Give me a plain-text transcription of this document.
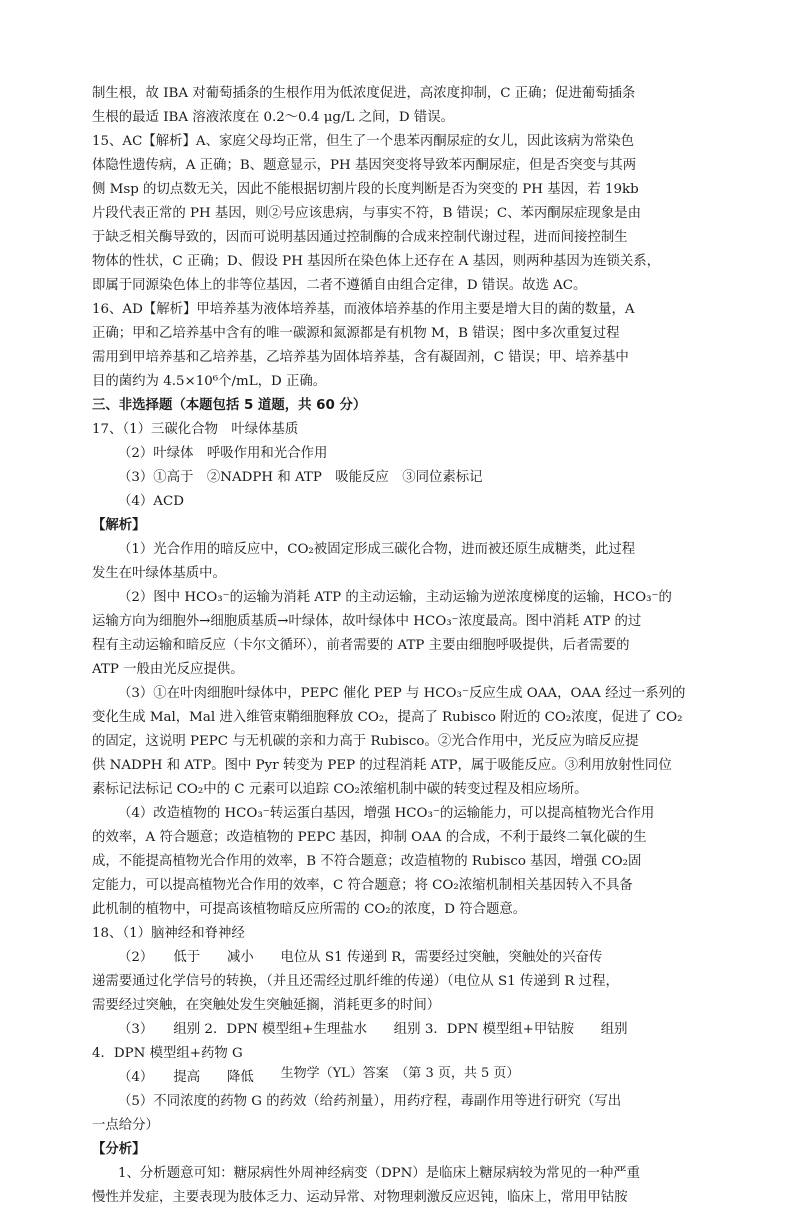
制生根，故 IBA 对葡萄插条的生根作用为低浓度促进，高浓度抑制，C 正确；促进葡萄插条
生根的最适 IBA 溶液浓度在 0.2～0.4 μg/L 之间，D 错误。
15、AC【解析】A、家庭父母均正常，但生了一个患苯丙酮尿症的女儿，因此该病为常染色
体隐性遗传病，A 正确；B、题意显示，PH 基因突变将导致苯丙酮尿症，但是否突变与其两
侧 Msp 的切点数无关，因此不能根据切割片段的长度判断是否为突变的 PH 基因，若 19kb
片段代表正常的 PH 基因，则②号应该患病，与事实不符，B 错误；C、苯丙酮尿症现象是由
于缺乏相关酶导致的，因而可说明基因通过控制酶的合成来控制代谢过程，进而间接控制生
物体的性状，C 正确；D、假设 PH 基因所在染色体上还存在 A 基因，则两种基因为连锁关系，
即属于同源染色体上的非等位基因，二者不遵循自由组合定律，D 错误。故选 AC。
16、AD【解析】甲培养基为液体培养基，而液体培养基的作用主要是增大目的菌的数量，A
正确；甲和乙培养基中含有的唯一碳源和氮源都是有机物 M，B 错误；图中多次重复过程
需用到甲培养基和乙培养基，乙培养基为固体培养基，含有凝固剂，C 错误；甲、培养基中
目的菌约为 4.5×10⁶个/mL，D 正确。
三、非选择题（本题包括 5 道题，共 60 分）
17、（1）三碳化合物　叶绿体基质
（2）叶绿体　呼吸作用和光合作用
（3）①高于　②NADPH 和 ATP　吸能反应　③同位素标记
（4）ACD
【解析】
（1）光合作用的暗反应中，CO₂被固定形成三碳化合物，进而被还原生成糖类，此过程
发生在叶绿体基质中。
（2）图中 HCO₃⁻的运输为消耗 ATP 的主动运输，主动运输为逆浓度梯度的运输，HCO₃⁻的
运输方向为细胞外→细胞质基质→叶绿体，故叶绿体中 HCO₃⁻浓度最高。图中消耗 ATP 的过
程有主动运输和暗反应（卡尔文循环），前者需要的 ATP 主要由细胞呼吸提供，后者需要的
ATP 一般由光反应提供。
（3）①在叶肉细胞叶绿体中，PEPC 催化 PEP 与 HCO₃⁻反应生成 OAA，OAA 经过一系列的
变化生成 Mal，Mal 进入维管束鞘细胞释放 CO₂，提高了 Rubisco 附近的 CO₂浓度，促进了 CO₂
的固定，这说明 PEPC 与无机碳的亲和力高于 Rubisco。②光合作用中，光反应为暗反应提
供 NADPH 和 ATP。图中 Pyr 转变为 PEP 的过程消耗 ATP，属于吸能反应。③利用放射性同位
素标记法标记 CO₂中的 C 元素可以追踪 CO₂浓缩机制中碳的转变过程及相应场所。
（4）改造植物的 HCO₃⁻转运蛋白基因，增强 HCO₃⁻的运输能力，可以提高植物光合作用
的效率，A 符合题意；改造植物的 PEPC 基因，抑制 OAA 的合成，不利于最终二氧化碳的生
成，不能提高植物光合作用的效率，B 不符合题意；改造植物的 Rubisco 基因，增强 CO₂固
定能力，可以提高植物光合作用的效率，C 符合题意；将 CO₂浓缩机制相关基因转入不具备
此机制的植物中，可提高该植物暗反应所需的 CO₂的浓度，D 符合题意。
18、（1）脑神经和脊神经
（2）　　低于　　减小　　电位从 S1 传递到 R，需要经过突触，突触处的兴奋传
递需要通过化学信号的转换，（并且还需经过肌纤维的传递）（电位从 S1 传递到 R 过程，
需要经过突触，在突触处发生突触延搁，消耗更多的时间）
（3）　　组别 2．DPN 模型组+生理盐水　　组别 3．DPN 模型组+甲钴胺　　组别
4．DPN 模型组+药物 G
（4）　　提高　　降低
（5）不同浓度的药物 G 的药效（给药剂量），用药疗程，毒副作用等进行研究（写出
一点给分）
【分析】
1、分析题意可知：糖尿病性外周神经病变（DPN）是临床上糖尿病较为常见的一种严重
慢性并发症，主要表现为肢体乏力、运动异常、对物理刺激反应迟钝，临床上，常用甲钴胺
生物学（YL）答案　（第 3 页，共 5 页）
